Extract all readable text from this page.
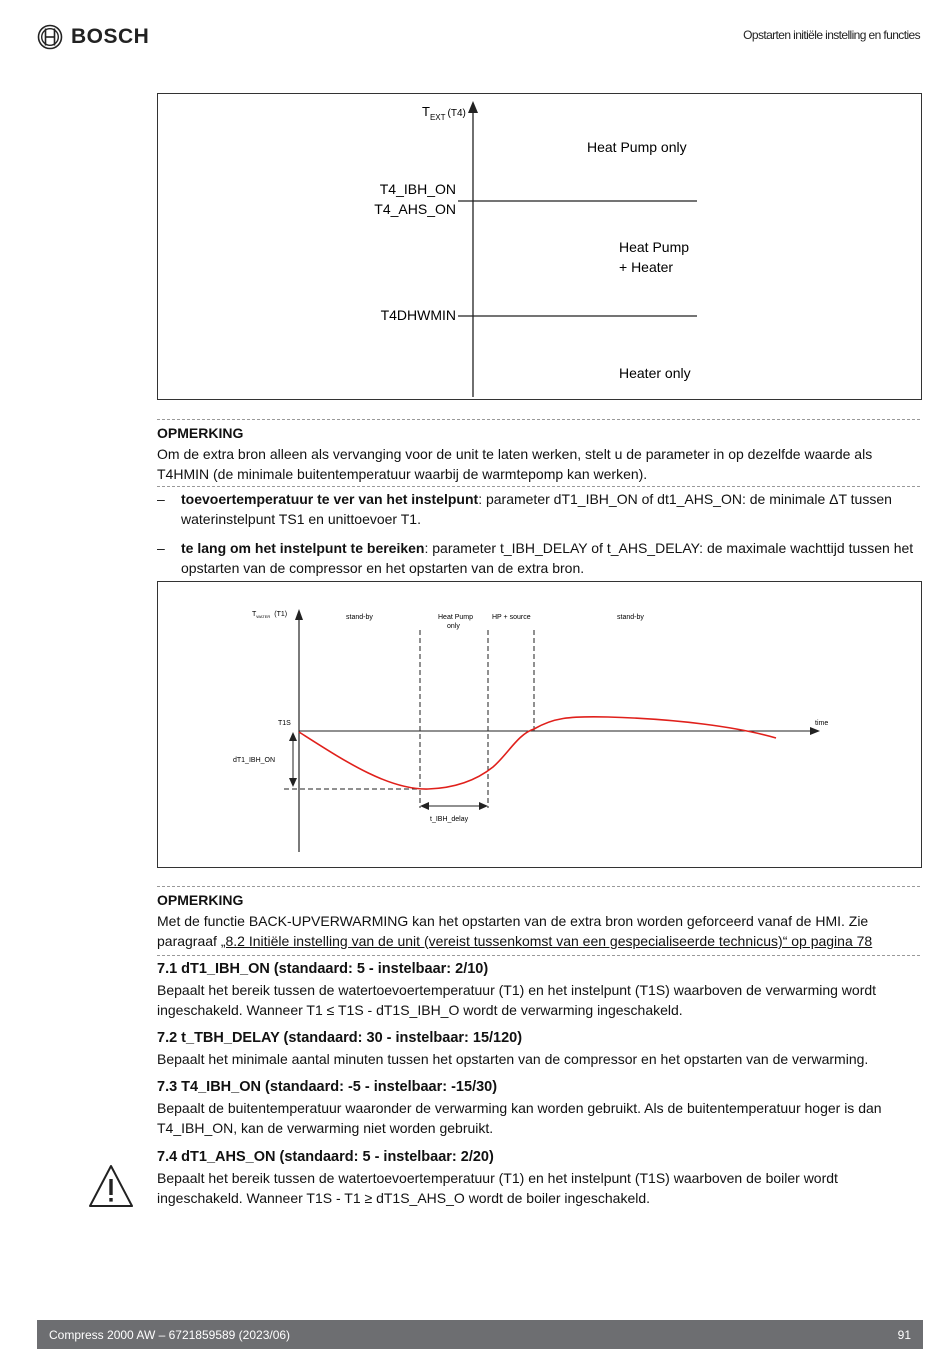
BOSCH	Opstarten initiële instelling en functies
$T_{EXT}$ $^{(T4)}$
T4_IBH_ON
T4_AHS_ON
T4DHWMIN
Heat Pump only
Heat Pump
+ Heater
Heater only
OPMERKING
Om de extra bron alleen als vervanging voor de unit te laten werken, stelt u de parameter in op dezelfde waarde als T4HMIN (de minimale buitentemperatuur waarbij de warmtepomp kan werken).
– toevoertemperatuur te ver van het instelpunt: parameter dT1_IBH_ON of dt1_AHS_ON: de minimale ΔT tussen waterinstelpunt TS1 en unittoevoer T1.
– te lang om het instelpunt te bereiken: parameter t_IBH_DELAY of t_AHS_DELAY: de maximale wachttijd tussen het opstarten van de compressor en het opstarten van de extra bron.
$T_{WATER}$ (T1)
time
T1S
stand-by	Heat Pump
only
HP + source	stand-by
dT1_IBH_ON
t_IBH_delay
OPMERKING
Met de functie BACK-UPVERWARMING kan het opstarten van de extra bron worden geforceerd vanaf de HMI. Zie paragraaf „8.2 Initiële instelling van de unit (vereist tussenkomst van een gespecialiseerde technicus)“ op pagina 78
7.1 dT1_IBH_ON (standaard: 5 - instelbaar: 2/10)
Bepaalt het bereik tussen de watertoevoertemperatuur (T1) en het instelpunt (T1S) waarboven de verwarming wordt ingeschakeld. Wanneer T1 ≤ T1S - dT1S_IBH_O wordt de verwarming ingeschakeld.
7.2 t_TBH_DELAY (standaard: 30 - instelbaar: 15/120)
Bepaalt het minimale aantal minuten tussen het opstarten van de compressor en het opstarten van de verwarming.
7.3 T4_IBH_ON (standaard: -5 - instelbaar: -15/30)
Bepaalt de buitentemperatuur waaronder de verwarming kan worden gebruikt. Als de buitentemperatuur hoger is dan T4_IBH_ON, kan de verwarming niet worden gebruikt.
7.4 dT1_AHS_ON (standaard: 5 - instelbaar: 2/20)
Bepaalt het bereik tussen de watertoevoertemperatuur (T1) en het instelpunt (T1S) waarboven de boiler wordt ingeschakeld. Wanneer T1S - T1 ≥ dT1S_AHS_O wordt de boiler ingeschakeld.
Compress 2000 AW – 6721859589 (2023/06)	91
